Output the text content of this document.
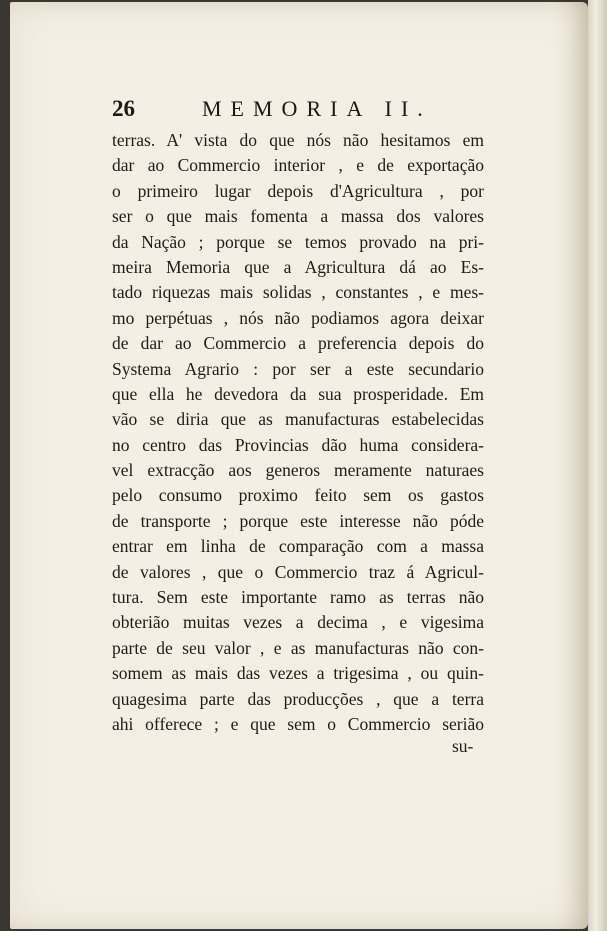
26	MEMORIA II.
terras. A' vista do que nós não hesitamos em
dar ao Commercio interior , e de exportação
o primeiro lugar depois d'Agricultura , por
ser o que mais fomenta a massa dos valores
da Nação ; porque se temos provado na pri-
meira Memoria que a Agricultura dá ao Es-
tado riquezas mais solidas , constantes , e mes-
mo perpétuas , nós não podiamos agora deixar
de dar ao Commercio a preferencia depois do
Systema Agrario : por ser a este secundario
que ella he devedora da sua prosperidade. Em
vão se diria que as manufacturas estabelecidas
no centro das Provincias dão huma considera-
vel extracção aos generos meramente naturaes
pelo consumo proximo feito sem os gastos
de transporte ; porque este interesse não póde
entrar em linha de comparação com a massa
de valores , que o Commercio traz á Agricul-
tura. Sem este importante ramo as terras não
obterião muitas vezes a decima , e vigesima
parte de seu valor , e as manufacturas não con-
somem as mais das vezes a trigesima , ou quin-
quagesima parte das producções , que a terra
ahi offerece ; e que sem o Commercio serião
su-
